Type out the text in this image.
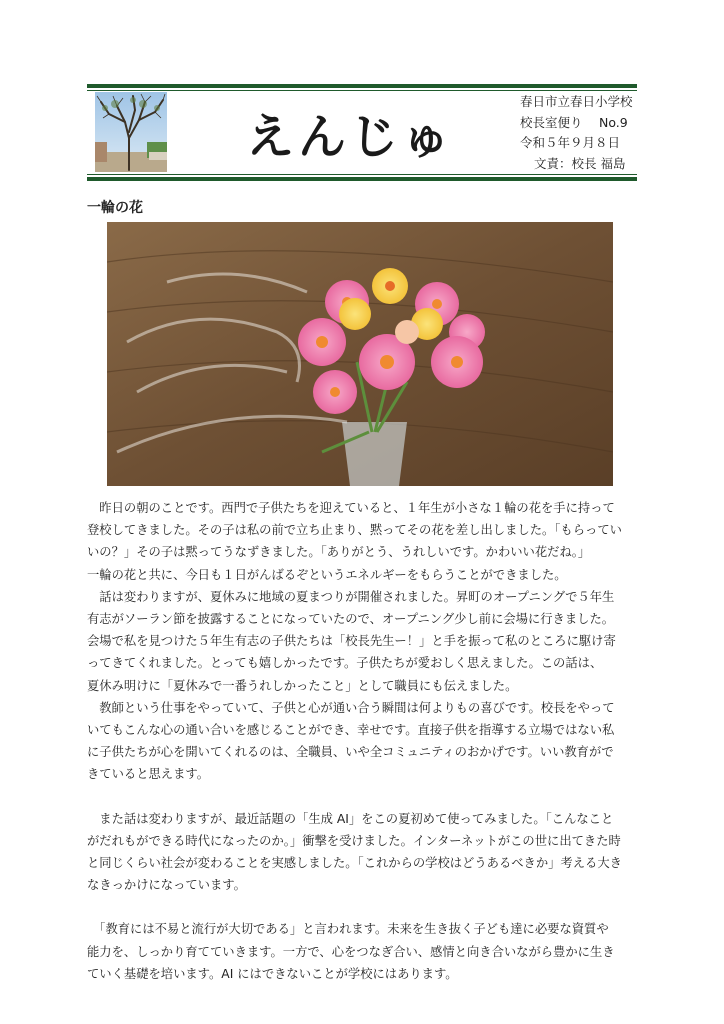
えんじゅ
春日市立春日小学校
校長室便り　 No.9
令和５年９月８日
文責：校長 福島
一輪の花

　昨日の朝のことです。西門で子供たちを迎えていると、１年生が小さな１輪の花を手に持って

登校してきました。その子は私の前で立ち止まり、黙ってその花を差し出しました。「もらってい

いの？」その子は黙ってうなずきました。「ありがとう、うれしいです。かわいい花だね。」

一輪の花と共に、今日も１日がんばるぞというエネルギーをもらうことができました。

　話は変わりますが、夏休みに地域の夏まつりが開催されました。昇町のオープニングで５年生

有志がソーラン節を披露することになっていたので、オープニング少し前に会場に行きました。

会場で私を見つけた５年生有志の子供たちは「校長先生ー！」と手を振って私のところに駆け寄

ってきてくれました。とっても嬉しかったです。子供たちが愛おしく思えました。この話は、

夏休み明けに「夏休みで一番うれしかったこと」として職員にも伝えました。

　教師という仕事をやっていて、子供と心が通い合う瞬間は何よりもの喜びです。校長をやって

いてもこんな心の通い合いを感じることができ、幸せです。直接子供を指導する立場ではない私

に子供たちが心を開いてくれるのは、全職員、いや全コミュニティのおかげです。いい教育がで

きていると思えます。

　また話は変わりますが、最近話題の「生成 AI」をこの夏初めて使ってみました。「こんなこと

がだれもができる時代になったのか。」衝撃を受けました。インターネットがこの世に出てきた時

と同じくらい社会が変わることを実感しました。「これからの学校はどうあるべきか」考える大き

なきっかけになっています。

　「教育には不易と流行が大切である」と言われます。未来を生き抜く子ども達に必要な資質や

能力を、しっかり育てていきます。一方で、心をつなぎ合い、感情と向き合いながら豊かに生き

ていく基礎を培います。AI にはできないことが学校にはあります。
